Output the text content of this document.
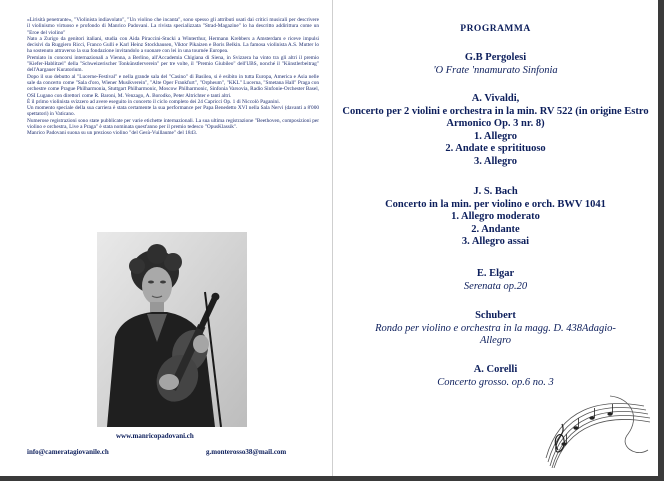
«Lirisità penetrante», "Violinista indiavolato", "Un violino che incanta", sono spesso gli attributi usati dai critici musicali per descrivere il violinismo virtuoso e profondo di Manrico Padovani. La rivista specializzata "Strad-Magazine" lo ha descritto addirittura come un "Eroe del violino"

Nato a Zurigo da genitori italiani, studia con Aida Piraccini-Stucki a Winterthur, Hermann Krebbers a Amsterdam e riceve impulsi decisivi da Ruggiero Ricci, Franco Gulli e Karl Heinz Stockhausen, Viktor Pikaizen e Boris Belkin. La famosa violinista A.S. Mutter lo ha sostenuto attraverso la sua fondazione invitandolo a suonare con lei in una tournée Europea.

Premiato in concorsi internazionali a Vienna, a Berlino, all'Accademia Chigiana di Siena, in Svizzera ha vinto tra gli altri il premio "Kiefer-Hablitzel" della "Schweizerischer Tonkünstlerverein" per tre volte, il "Premio Giubileo" dell'UBS, nonché il "Künstlerbeitrag" dell'Aargauer Kuratorium.

Dopo il suo debutto al "Lucerne-Festival" e nella grande sala del "Casino" di Basilea, si è esibito in tutta Europa, America e Asia nelle sale da concerto come "Sala d'oro, Wiener Musikverein", "Alte Oper Frankfurt", "Orpheum", "KKL" Lucerna, "Smetana Hall" Praga con orchestre come Prague Philharmonia, Stuttgart Philharmonic, Moscow Philharmonic, Sinfonia Varsovia, Radio Sinfonie-Orchester Basel, OSI Lugano con direttori come R. Baroni, M. Venzago, A. Borodko, Peter Altrichter e tanti altri.

È il primo violinista svizzero ad avere eseguito in concerto il ciclo completo dei 24 Capricci Op. 1 di Niccolò Paganini.

Un momento speciale della sua carriera è stata certamente la sua performance per Papa Benedetto XVI nella Sala Nervi (davanti a 8'000 spettatori) in Vaticano.

Numerose registrazioni sono state pubblicate per varie etichette internazionali. La sua ultima registrazione "Beethoven, composizioni per violino e orchestra, Live a Praga" è stata nominata quest'anno per il premio tedesco "OpusKlassik".

Manrico Padovani suona su un prezioso violino "del Gesù-Vuillaume" del 1843.

www.manricopadovani.ch
info@cameratagiovanile.ch	g.monterosso38@mail.com
PROGRAMMA
G.B Pergolesi
'O Frate 'nnamurato Sinfonia
A. Vivaldi,
Concerto per 2 violini e orchestra in la min. RV 522 (in origine Estro Armonico Op. 3 nr. 8)
1. Allegro
2. Andate e spritituoso
3. Allegro
J. S. Bach
Concerto in la min. per violino e orch. BWV 1041
1. Allegro moderato
2. Andante
3. Allegro assai
E. Elgar
Serenata op.20
Schubert
Rondo per violino e orchestra in la magg. D. 438Adagio-Allegro
A. Corelli
Concerto grosso. op.6 no. 3
